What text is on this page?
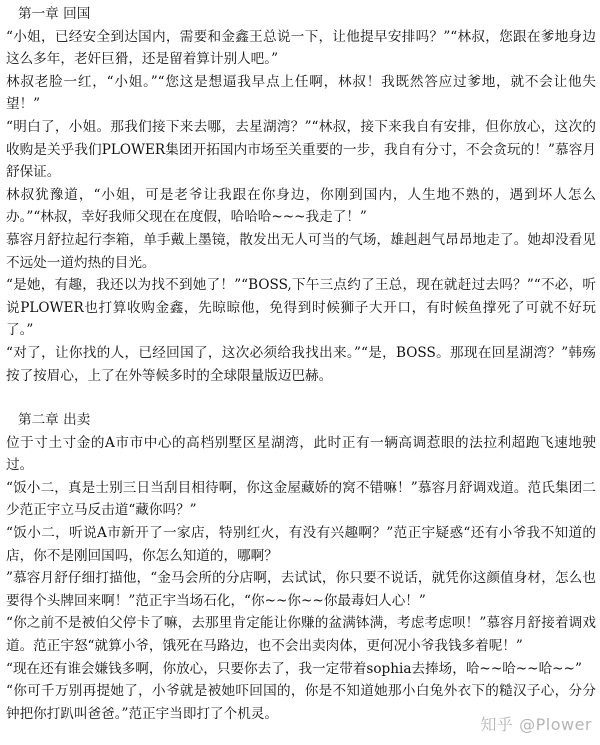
第一章 回国

“小姐，已经安全到达国内，需要和金鑫王总说一下，让他提早安排吗？”“林叔，您跟在爹地身边这么多年，老奸巨猾，还是留着算计别人吧。”

林叔老脸一红，“小姐。”“您这是想逼我早点上任啊，林叔！我既然答应过爹地，就不会让他失望！”

“明白了，小姐。那我们接下来去哪，去星湖湾？”“林叔，接下来我自有安排，但你放心，这次的收购是关乎我们PLOWER集团开拓国内市场至关重要的一步，我自有分寸，不会贪玩的！”慕容月舒保证。

林叔犹豫道，“小姐，可是老爷让我跟在你身边，你刚到国内，人生地不熟的，遇到坏人怎么办。”“林叔，幸好我师父现在在度假，哈哈哈~~~我走了！”

慕容月舒拉起行李箱，单手戴上墨镜，散发出无人可当的气场，雄赳赳气昂昂地走了。她却没看见不远处一道灼热的目光。

“是她，有趣，我还以为找不到她了！”“BOSS,下午三点约了王总，现在就赶过去吗？”“不必，听说PLOWER也打算收购金鑫，先晾晾他，免得到时候狮子大开口，有时候鱼撑死了可就不好玩了。”

“对了，让你找的人，已经回国了，这次必须给我找出来。”“是，BOSS。那现在回星湖湾？”韩殇按了按眉心，上了在外等候多时的全球限量版迈巴赫。

第二章 出卖

位于寸土寸金的A市市中心的高档别墅区星湖湾，此时正有一辆高调惹眼的法拉利超跑飞速地驶过。

“饭小二，真是士别三日当刮目相待啊，你这金屋藏娇的窝不错嘛！”慕容月舒调戏道。范氏集团二少范正宇立马反击道“藏你吗？”

“饭小二，听说A市新开了一家店，特别红火，有没有兴趣啊？”范正宇疑惑“还有小爷我不知道的店，你不是刚回国吗，你怎么知道的，哪啊？

”慕容月舒仔细打描他，“金马会所的分店啊，去试试，你只要不说话，就凭你这颜值身材，怎么也要得个头牌回来啊！”范正宇当场石化，“你~~你~~你最毒妇人心！”

“你之前不是被伯父停卡了嘛，去那里肯定能让你赚的盆满钵满，考虑考虑呗！”慕容月舒接着调戏道。范正宇怒“就算小爷，饿死在马路边，也不会出卖肉体，更何况小爷我钱多着呢！”

“现在还有谁会嫌钱多啊，你放心，只要你去了，我一定带着sophia去捧场，哈~~哈~~哈~~”

“你可千万别再提她了，小爷就是被她吓回国的，你是不知道她那小白兔外衣下的糙汉子心，分分钟把你打趴叫爸爸。”范正宇当即打了个机灵。

知乎 @Plower
